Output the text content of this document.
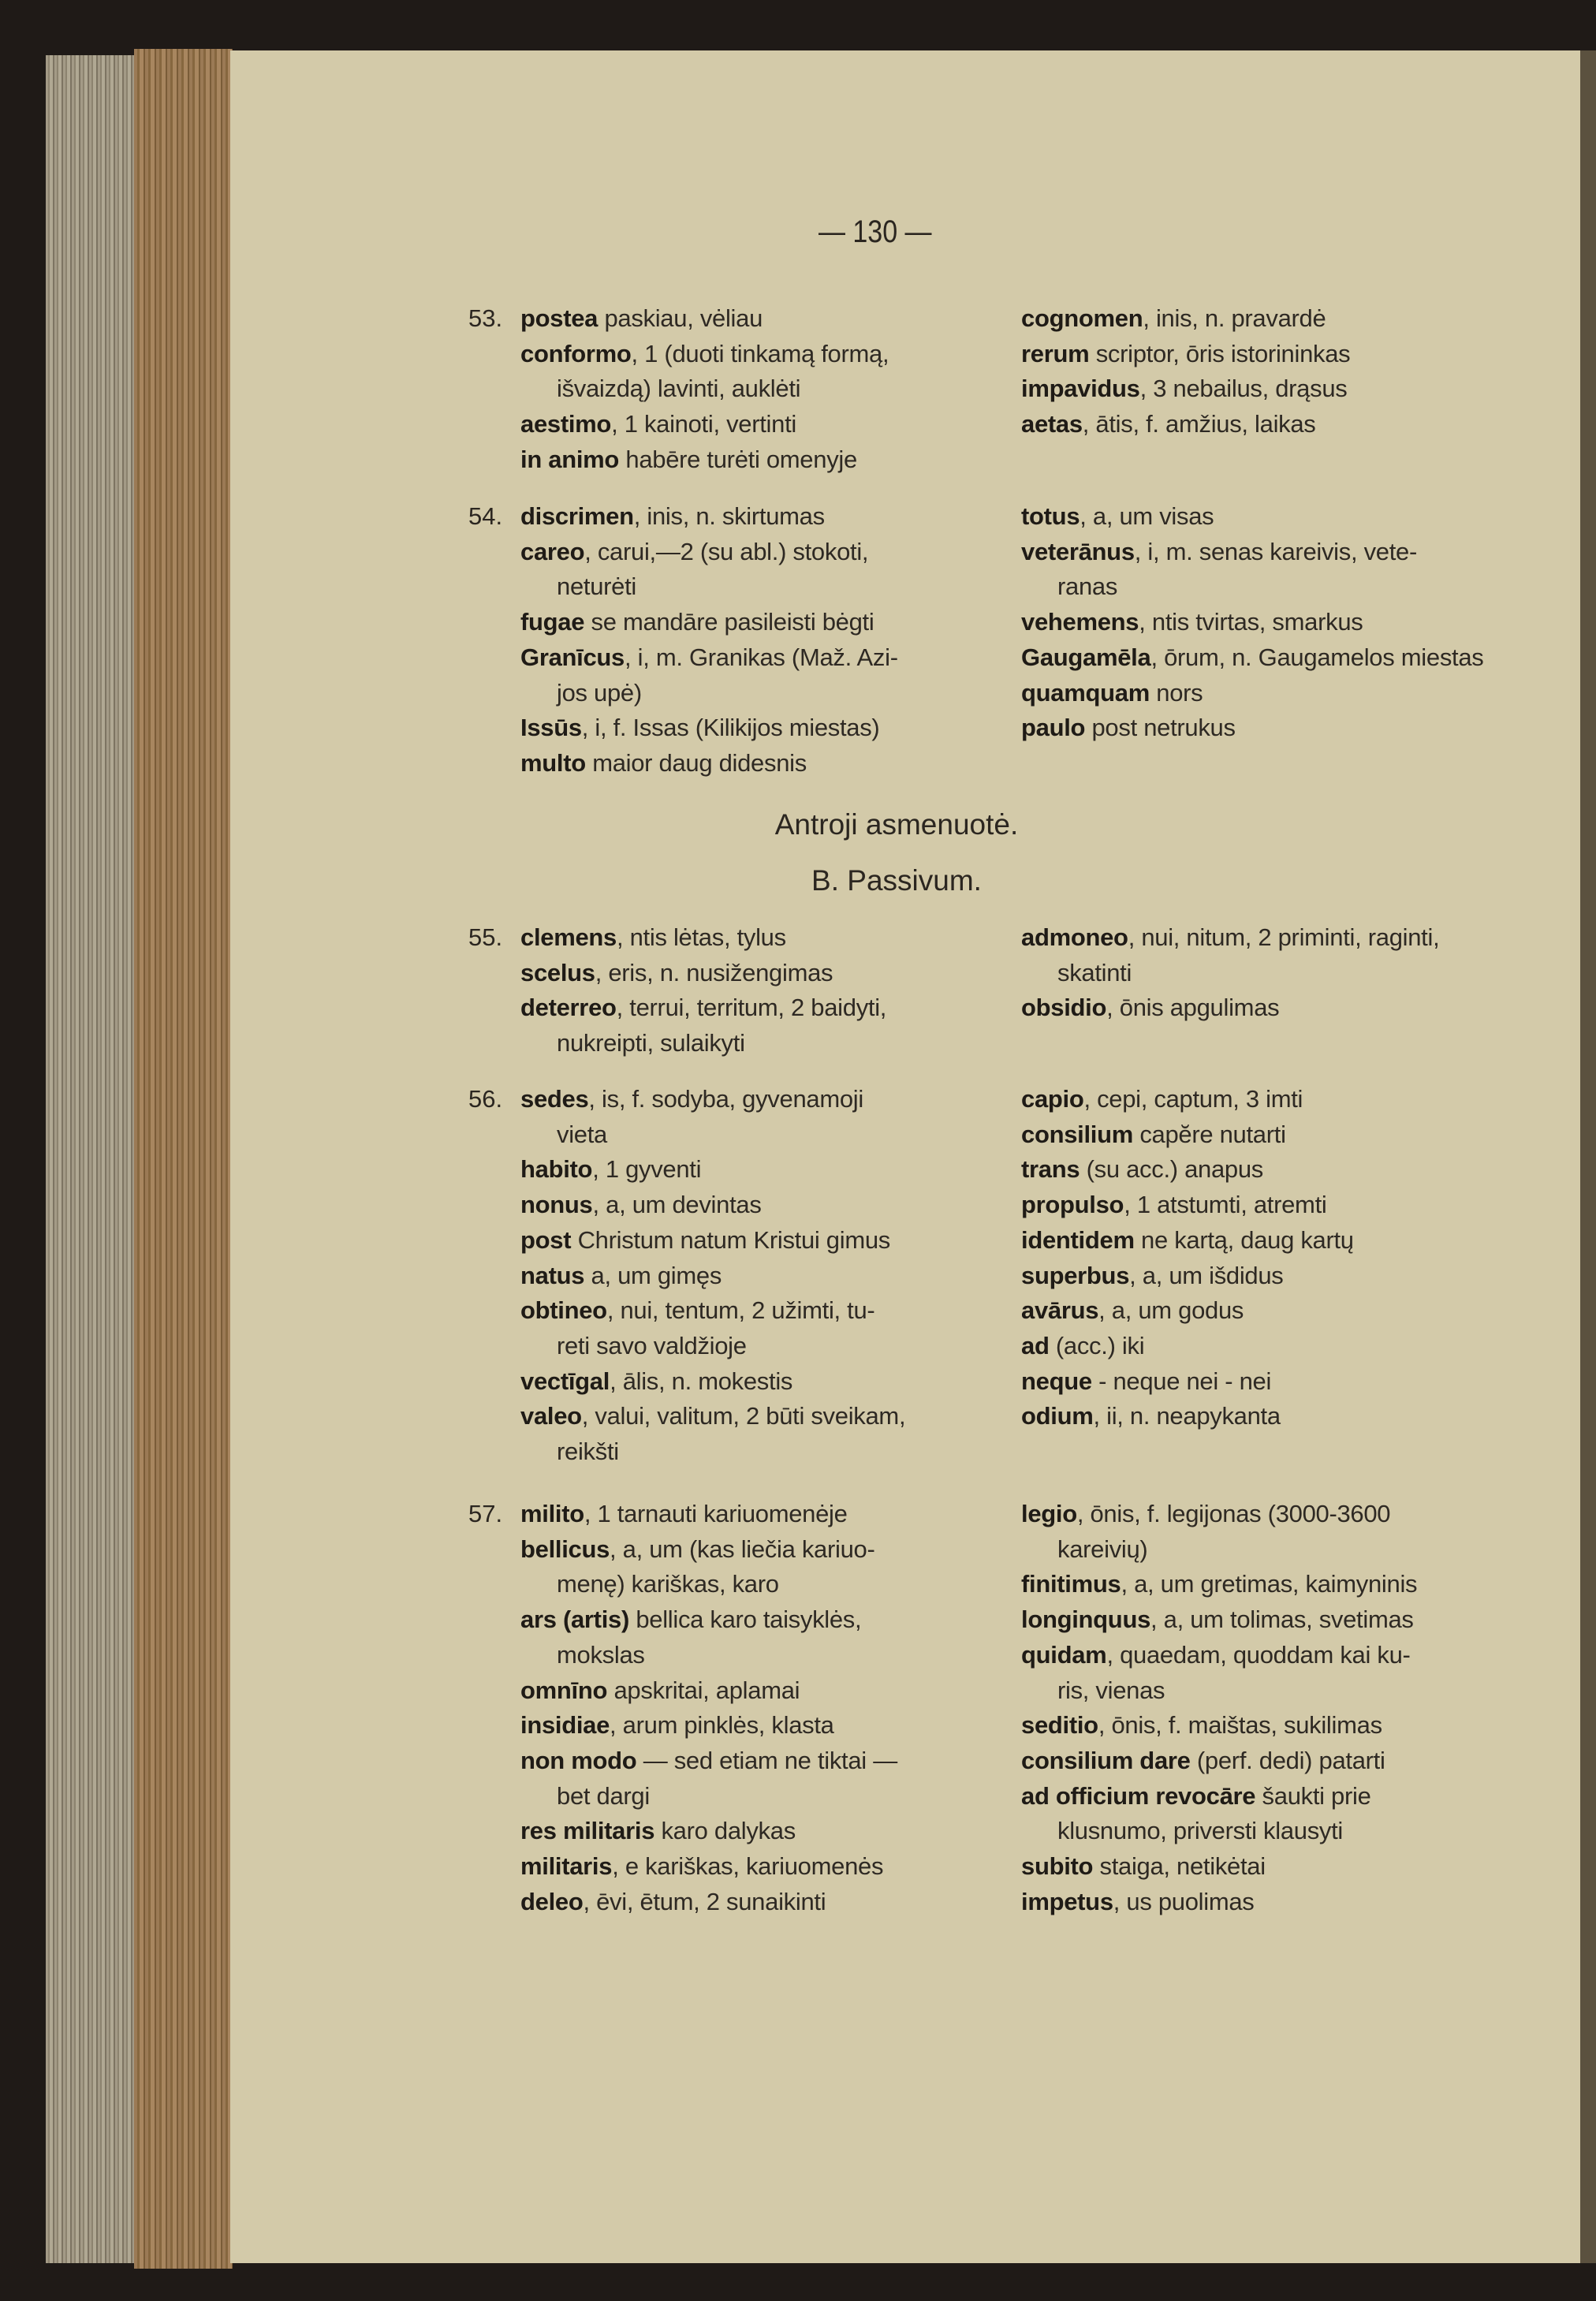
— 130 —
Antroji asmenuotė.
B. Passivum.
53. postea paskiau, vėliau
conformo, 1 (duoti tinkamą formą,
išvaizdą) lavinti, auklėti
aestimo, 1 kainoti, vertinti
in animo habēre turėti omenyje
cognomen, inis, n. pravardė
rerum scriptor, ōris istorininkas
impavidus, 3 nebailus, drąsus
aetas, ātis, f. amžius, laikas
54. discrimen, inis, n. skirtumas
careo, carui,—2 (su abl.) stokoti,
neturėti
fugae se mandāre pasileisti bėgti
Granīcus, i, m. Granikas (Maž. Azi-
jos upė)
Issūs, i, f. Issas (Kilikijos miestas)
multo maior daug didesnis
totus, a, um visas
veterānus, i, m. senas kareivis, vete-
ranas
vehemens, ntis tvirtas, smarkus
Gaugamēla, ōrum, n. Gaugamelos miestas
quamquam nors
paulo post netrukus
55. clemens, ntis lėtas, tylus
scelus, eris, n. nusižengimas
deterreo, terrui, territum, 2 baidyti,
nukreipti, sulaikyti
admoneo, nui, nitum, 2 priminti, raginti,
skatinti
obsidio, ōnis apgulimas
56. sedes, is, f. sodyba, gyvenamoji
vieta
habito, 1 gyventi
nonus, a, um devintas
post Christum natum Kristui gimus
natus a, um gimęs
obtineo, nui, tentum, 2 užimti, tu-
reti savo valdžioje
vectīgal, ālis, n. mokestis
valeo, valui, valitum, 2 būti sveikam,
reikšti
capio, cepi, captum, 3 imti
consilium capĕre nutarti
trans (su acc.) anapus
propulso, 1 atstumti, atremti
identidem ne kartą, daug kartų
superbus, a, um išdidus
avārus, a, um godus
ad (acc.) iki
neque - neque nei - nei
odium, ii, n. neapykanta
57. milito, 1 tarnauti kariuomenėje
bellicus, a, um (kas liečia kariuo-
menę) kariškas, karo
ars (artis) bellica karo taisyklės,
mokslas
omnīno apskritai, aplamai
insidiae, arum pinklės, klasta
non modo — sed etiam ne tiktai —
bet dargi
res militaris karo dalykas
militaris, e kariškas, kariuomenės
deleo, ēvi, ētum, 2 sunaikinti
legio, ōnis, f. legijonas (3000-3600
kareivių)
finitimus, a, um gretimas, kaimyninis
longinquus, a, um tolimas, svetimas
quidam, quaedam, quoddam kai ku-
ris, vienas
seditio, ōnis, f. maištas, sukilimas
consilium dare (perf. dedi) patarti
ad officium revocāre šaukti prie
klusnumo, priversti klausyti
subito staiga, netikėtai
impetus, us puolimas
